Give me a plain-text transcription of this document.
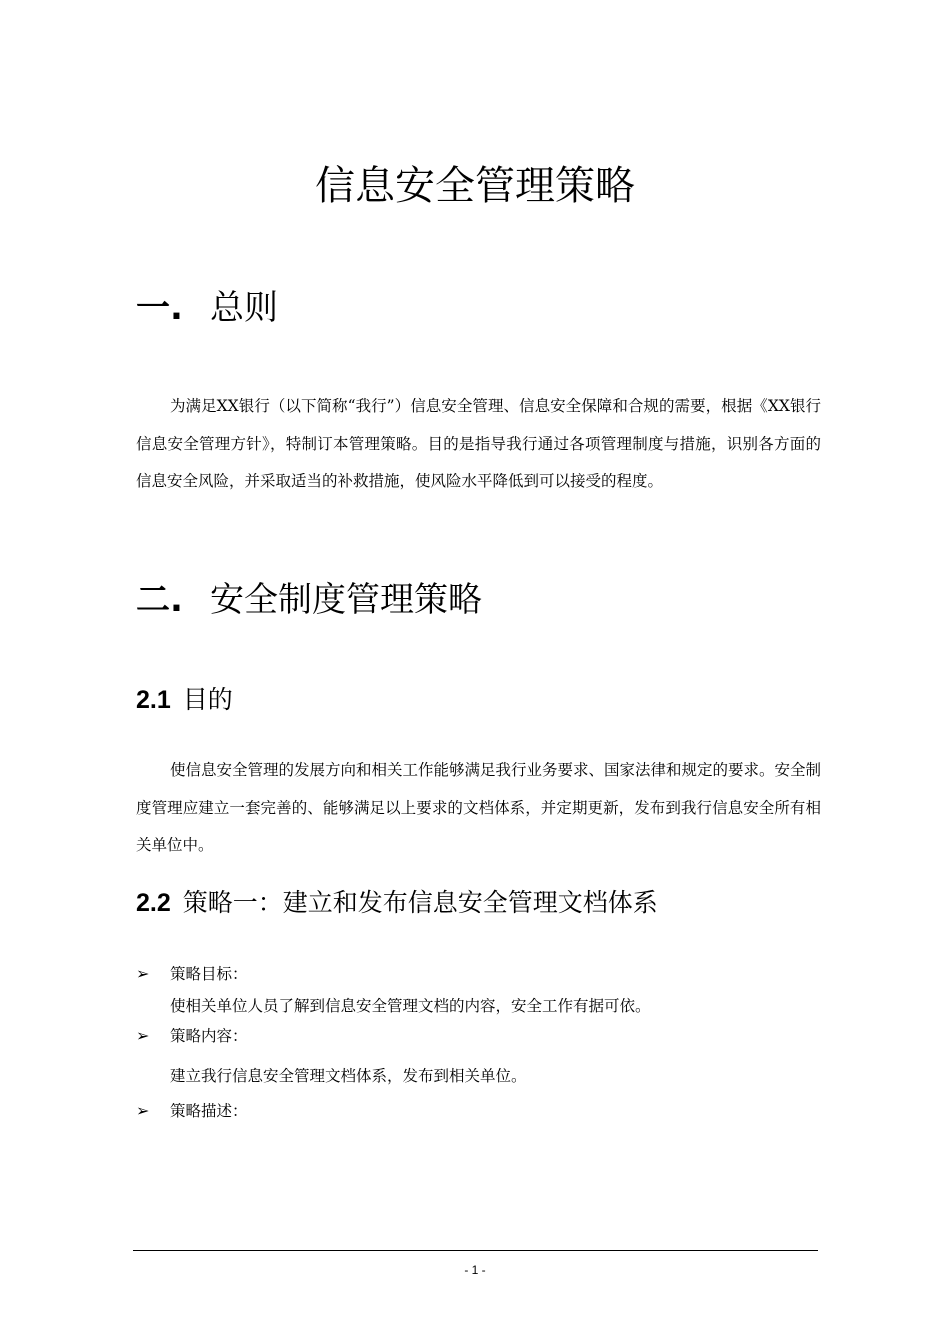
信息安全管理策略
一. 总则

为满足XX银行（以下简称“我行”）信息安全管理、信息安全保障和合规的需要，根据《XX银行信息安全管理方针》，特制订本管理策略。目的是指导我行通过各项管理制度与措施，识别各方面的信息安全风险，并采取适当的补救措施，使风险水平降低到可以接受的程度。

二. 安全制度管理策略
2.1 目的

使信息安全管理的发展方向和相关工作能够满足我行业务要求、国家法律和规定的要求。安全制度管理应建立一套完善的、能够满足以上要求的文档体系，并定期更新，发布到我行信息安全所有相关单位中。

2.2 策略一：建立和发布信息安全管理文档体系
➢ 策略目标：
使相关单位人员了解到信息安全管理文档的内容，安全工作有据可依。
➢ 策略内容：
建立我行信息安全管理文档体系，发布到相关单位。
➢ 策略描述：
- 1 -
